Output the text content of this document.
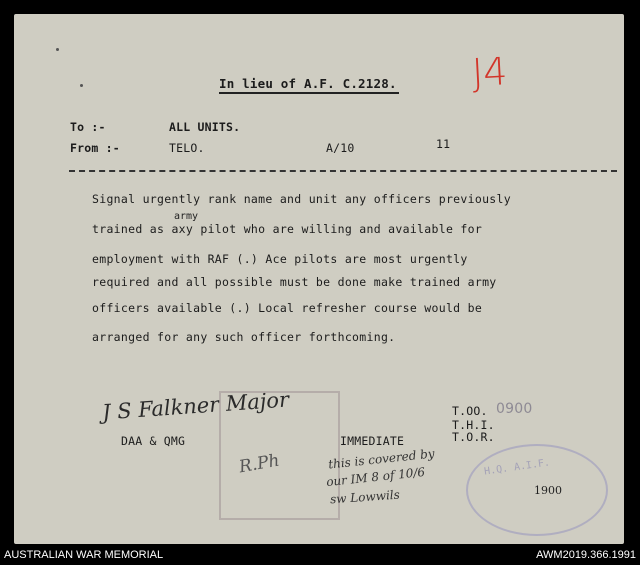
In lieu of A.F. C.2128. J4
To :-	ALL UNITS.
From :-	TELO.	A/10	11
army
Signal urgently rank name and unit any officers previously
trained as axy pilot who are willing and available for
employment with RAF (.) Ace pilots are most urgently
required and all possible must be done make trained army
officers available (.) Local refresher course would be
arranged for any such officer forthcoming.
J S Falkner Major
DAA & QMG
R.Ph
IMMEDIATE
this is covered by
our IM 8 of 10/6
sw Lowwils
T.OO. 0900
T.H.I.
T.O.R.
H.Q. A.I.F.
1900
AUSTRALIAN WAR MEMORIAL	AWM2019.366.1991
